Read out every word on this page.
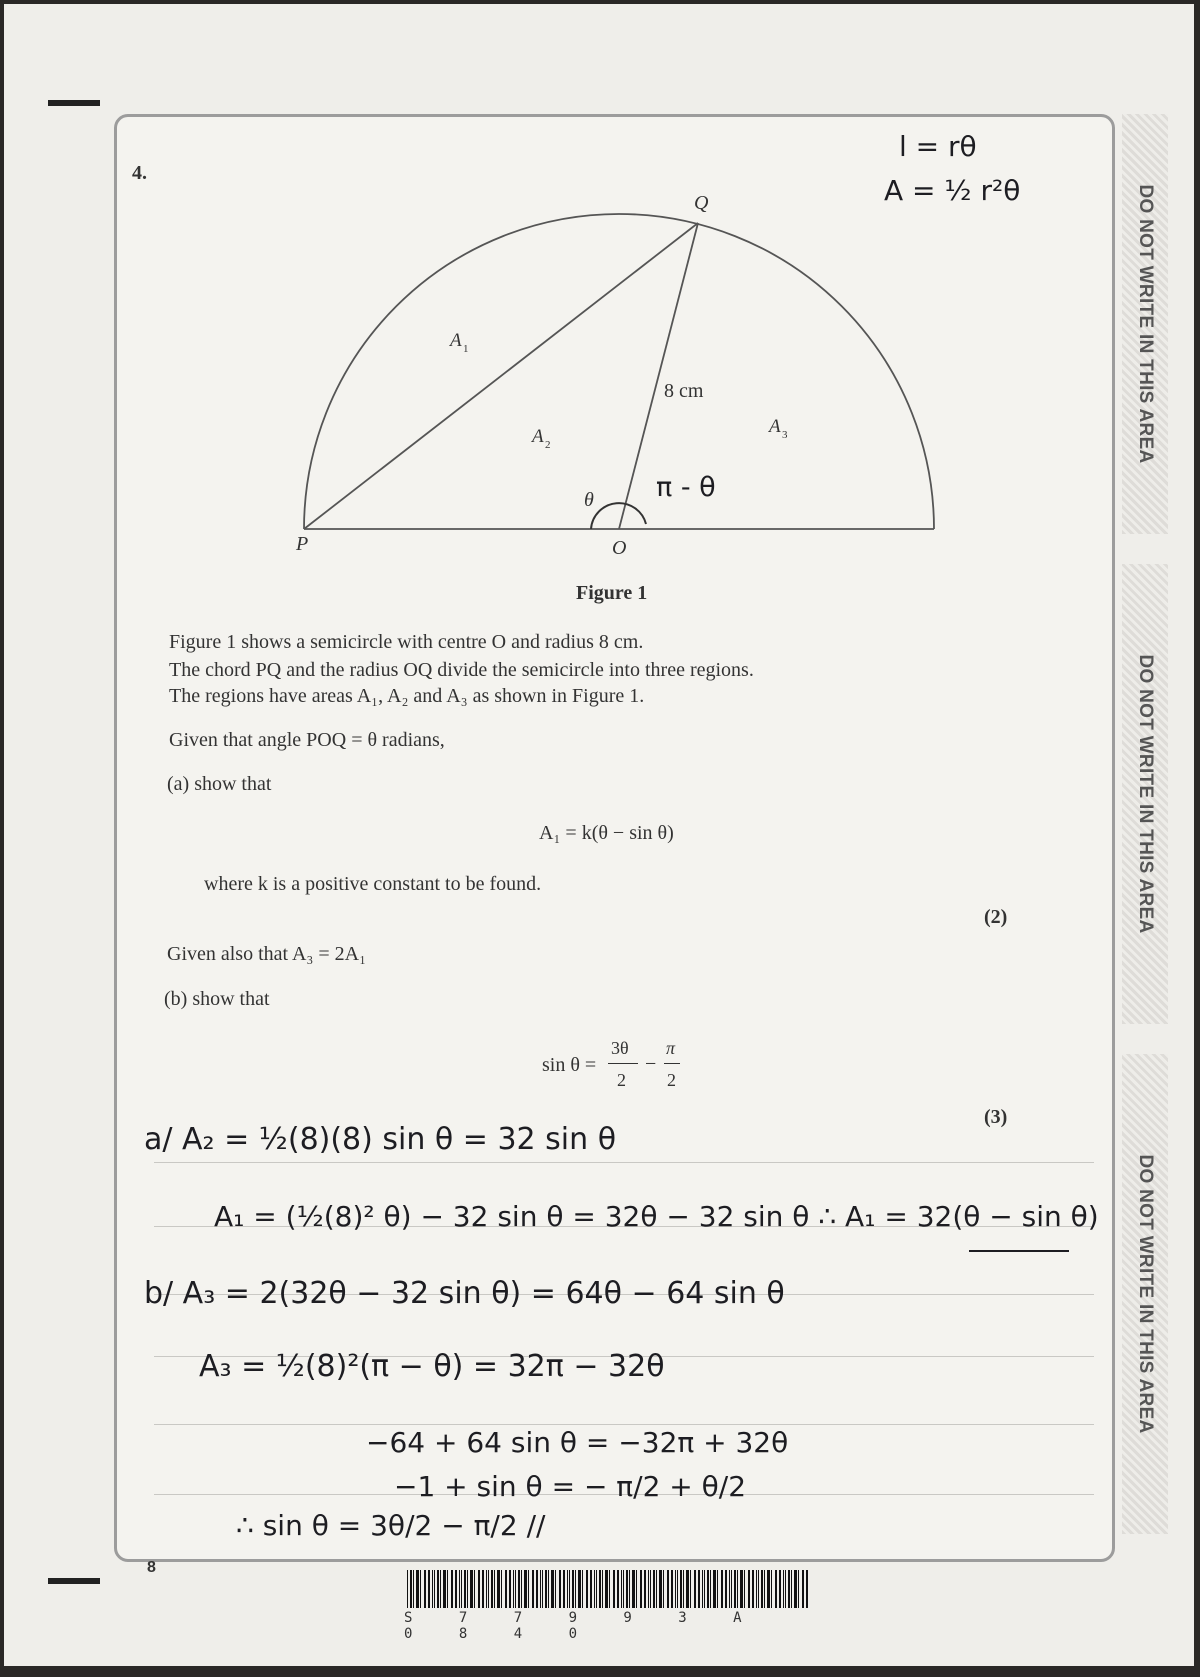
DO NOT WRITE IN THIS AREA
DO NOT WRITE IN THIS AREA
DO NOT WRITE IN THIS AREA
4.
l = rθ
A = ½ r²θ
Q
P	O
A 1
A 2
A 3
8 cm
θ π - θ
Figure 1
Figure 1 shows a semicircle with centre O and radius 8 cm.
The chord PQ and the radius OQ divide the semicircle into three regions.
The regions have areas A₁, A₂ and A₃ as shown in Figure 1.
Given that angle POQ = θ radians,
(a) show that
A₁ = k(θ − sin θ)
where k is a positive constant to be found.
(2)
Given also that A₃ = 2A₁
(b) show that
sin θ =
3θ
2
−
π
2
(3)
a/ A₂ = ½(8)(8) sin θ = 32 sin θ
A₁ = (½(8)² θ) − 32 sin θ = 32θ − 32 sin θ ∴ A₁ = 32(θ − sin θ)
b/ A₃ = 2(32θ − 32 sin θ) = 64θ − 64 sin θ
A₃ = ½(8)²(π − θ) = 32π − 32θ
−64 + 64 sin θ = −32π + 32θ
−1 + sin θ = − π/2 + θ/2
∴ sin θ = 3θ/2 − π/2 //
8
S 7 7 9 9 3 A 0 8 4 0
